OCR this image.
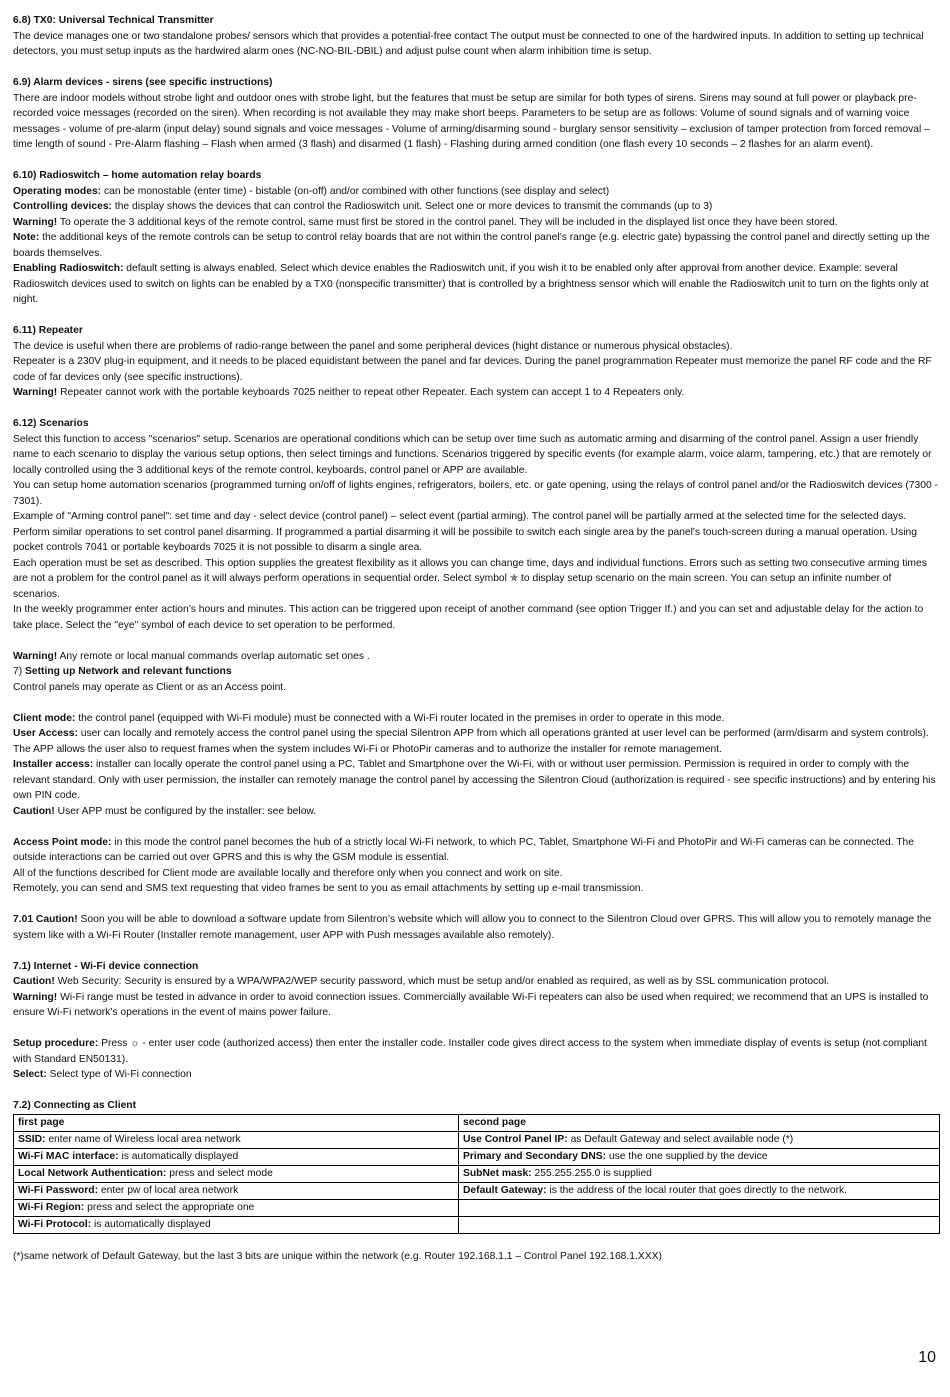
6.8) TX0: Universal Technical Transmitter

The device manages one or two standalone probes/ sensors which that provides a potential-free contact The output must be connected to one of the hardwired inputs. In addition to setting up technical detectors, you must setup inputs as the hardwired alarm ones (NC-NO-BIL-DBIL) and adjust pulse count when alarm inhibition time is setup.

6.9) Alarm devices - sirens (see specific instructions)

There are indoor models without strobe light and outdoor ones with strobe light, but the features that must be setup are similar for both types of sirens. Sirens may sound at full power or playback pre-recorded voice messages (recorded on the siren). When recording is not available they may make short beeps. Parameters to be setup are as follows: Volume of sound signals and of warning voice messages - volume of pre-alarm (input delay) sound signals and voice messages - Volume of arming/disarming sound - burglary sensor sensitivity – exclusion of tamper protection from forced removal – time length of sound - Pre-Alarm flashing – Flash when armed (3 flash) and disarmed (1 flash) - Flashing during armed condition (one flash every 10 seconds – 2 flashes for an alarm event).

6.10) Radioswitch – home automation relay boards

Operating modes: can be monostable (enter time) - bistable (on-off) and/or combined with other functions (see display and select)

Controlling devices: the display shows the devices that can control the Radioswitch unit. Select one or more devices to transmit the commands (up to 3)

Warning! To operate the 3 additional keys of the remote control, same must first be stored in the control panel. They will be included in the displayed list once they have been stored.

Note: the additional keys of the remote controls can be setup to control relay boards that are not within the control panel’s range (e.g. electric gate) bypassing the control panel and directly setting up the boards themselves.

Enabling Radioswitch: default setting is always enabled. Select which device enables the Radioswitch unit, if you wish it to be enabled only after approval from another device. Example: several Radioswitch devices used to switch on lights can be enabled by a TX0 (nonspecific transmitter) that is controlled by a brightness sensor which will enable the Radioswitch unit to turn on the lights only at night.

6.11) Repeater

The device is useful when there are problems of radio-range between the panel and some peripheral devices (hight distance or numerous physical obstacles).

Repeater is a 230V plug-in equipment, and it needs to be placed equidistant between the panel and far devices. During the panel programmation Repeater must memorize the panel RF code and the RF code of far devices only (see specific instructions).

Warning! Repeater cannot work with the portable keyboards 7025 neither to repeat other Repeater. Each system can accept 1 to 4 Repeaters only.

6.12) Scenarios

Select this function to access "scenarios" setup. Scenarios are operational conditions which can be setup over time such as automatic arming and disarming of the control panel. Assign a user friendly name to each scenario to display the various setup options, then select timings and functions. Scenarios triggered by specific events (for example alarm, voice alarm, tampering, etc.) that are remotely or locally controlled using the 3 additional keys of the remote control, keyboards, control panel or APP are available.

You can setup home automation scenarios (programmed turning on/off of lights engines, refrigerators, boilers, etc. or gate opening, using the relays of control panel and/or the Radioswitch devices (7300 - 7301).

Example of "Arming control panel": set time and day - select device (control panel) – select event (partial arming). The control panel will be partially armed at the selected time for the selected days. Perform similar operations to set control panel disarming. If programmed a partial disarming it will be possibile to switch each single area by the panel's touch-screen during a manual operation. Using pocket controls 7041 or portable keyboards 7025 it is not possible to disarm a single area.

Each operation must be set as described. This option supplies the greatest flexibility as it allows you can change time, days and individual functions. Errors such as setting two consecutive arming times are not a problem for the control panel as it will always perform operations in sequential order. Select symbol ✯ to display setup scenario on the main screen. You can setup an infinite number of scenarios.

In the weekly programmer enter action’s hours and minutes. This action can be triggered upon receipt of another command (see option Trigger If.) and you can set and adjustable delay for the action to take place. Select the "eye" symbol of each device to set operation to be performed.

Warning! Any remote or local manual commands overlap automatic set ones .

7) Setting up Network and relevant functions

Control panels may operate as Client or as an Access point.

Client mode: the control panel (equipped with Wi-Fi module) must be connected with a Wi-Fi router located in the premises in order to operate in this mode.

User Access: user can locally and remotely access the control panel using the special Silentron APP from which all operations granted at user level can be performed (arm/disarm and system controls). The APP allows the user also to request frames when the system includes Wi-Fi or PhotoPir cameras and to authorize the installer for remote management.

Installer access: installer can locally operate the control panel using a PC, Tablet and Smartphone over the Wi-Fi, with or without user permission. Permission is required in order to comply with the relevant standard. Only with user permission, the installer can remotely manage the control panel by accessing the Silentron Cloud (authorization is required - see specific instructions) and by entering his own PIN code.

Caution! User APP must be configured by the installer: see below.

Access Point mode: in this mode the control panel becomes the hub of a strictly local Wi-Fi network, to which PC, Tablet, Smartphone Wi-Fi and PhotoPir and Wi-Fi cameras can be connected. The outside interactions can be carried out over GPRS and this is why the GSM module is essential.

All of the functions described for Client mode are available locally and therefore only when you connect and work on site.

Remotely, you can send and SMS text requesting that video frames be sent to you as email attachments by setting up e-mail transmission.

7.01 Caution! Soon you will be able to download a software update from Silentron’s website which will allow you to connect to the Silentron Cloud over GPRS. This will allow you to remotely manage the system like with a Wi-Fi Router (Installer remote management, user APP with Push messages available also remotely).

7.1) Internet - Wi-Fi device connection

Caution! Web Security: Security is ensured by a WPA/WPA2/WEP security password, which must be setup and/or enabled as required, as well as by SSL communication protocol.

Warning! Wi-Fi range must be tested in advance in order to avoid connection issues. Commercially available Wi-Fi repeaters can also be used when required; we recommend that an UPS is installed to ensure Wi-Fi network’s operations in the event of mains power failure.

Setup procedure: Press ☼ - enter user code (authorized access) then enter the installer code. Installer code gives direct access to the system when immediate display of events is setup (not compliant with Standard EN50131).

Select: Select type of Wi-Fi connection

7.2) Connecting as Client

first page	second page
SSID: enter name of Wireless local area network	Use Control Panel IP: as Default Gateway and select available node (*)
Wi-Fi MAC interface: is automatically displayed	Primary and Secondary DNS: use the one supplied by the device
Local Network Authentication: press and select mode	SubNet mask: 255.255.255.0 is supplied
Wi-Fi Password: enter pw of local area network	Default Gateway: is the address of the local router that goes directly to the network.
Wi-Fi Region: press and select the appropriate one	
Wi-Fi Protocol: is automatically displayed	

(*)same network of Default Gateway, but the last 3 bits are unique within the network (e.g. Router 192.168.1.1 – Control Panel 192.168.1.XXX)

10
